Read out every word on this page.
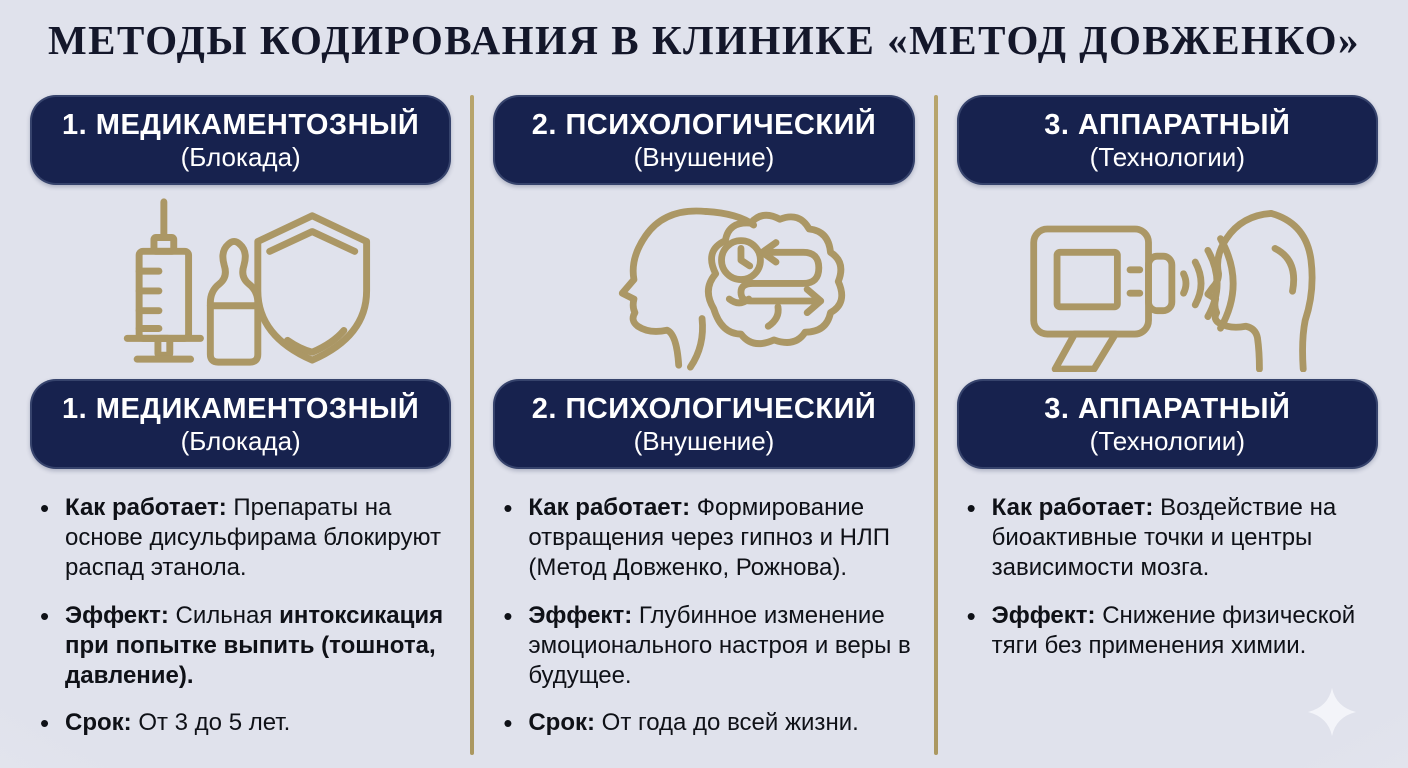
МЕТОДЫ КОДИРОВАНИЯ В КЛИНИКЕ «МЕТОД ДОВЖЕНКО»
1. МЕДИКАМЕНТОЗНЫЙ
(Блокада)
1. МЕДИКАМЕНТОЗНЫЙ
(Блокада)
• Как работает: Препараты на основе дисульфирама блокируют распад этанола.
• Эффект: Сильная интоксикация при попытке выпить (тошнота, давление).
• Срок: От 3 до 5 лет.
2. ПСИХОЛОГИЧЕСКИЙ
(Внушение)
2. ПСИХОЛОГИЧЕСКИЙ
(Внушение)
• Как работает: Формирование отвращения через гипноз и НЛП (Метод Довженко, Рожнова).
• Эффект: Глубинное изменение эмоционального настроя и веры в будущее.
• Срок: От года до всей жизни.
3. АППАРАТНЫЙ
(Технологии)
3. АППАРАТНЫЙ
(Технологии)
• Как работает: Воздействие на биоактивные точки и центры зависимости мозга.
• Эффект: Снижение физической тяги без применения химии.
